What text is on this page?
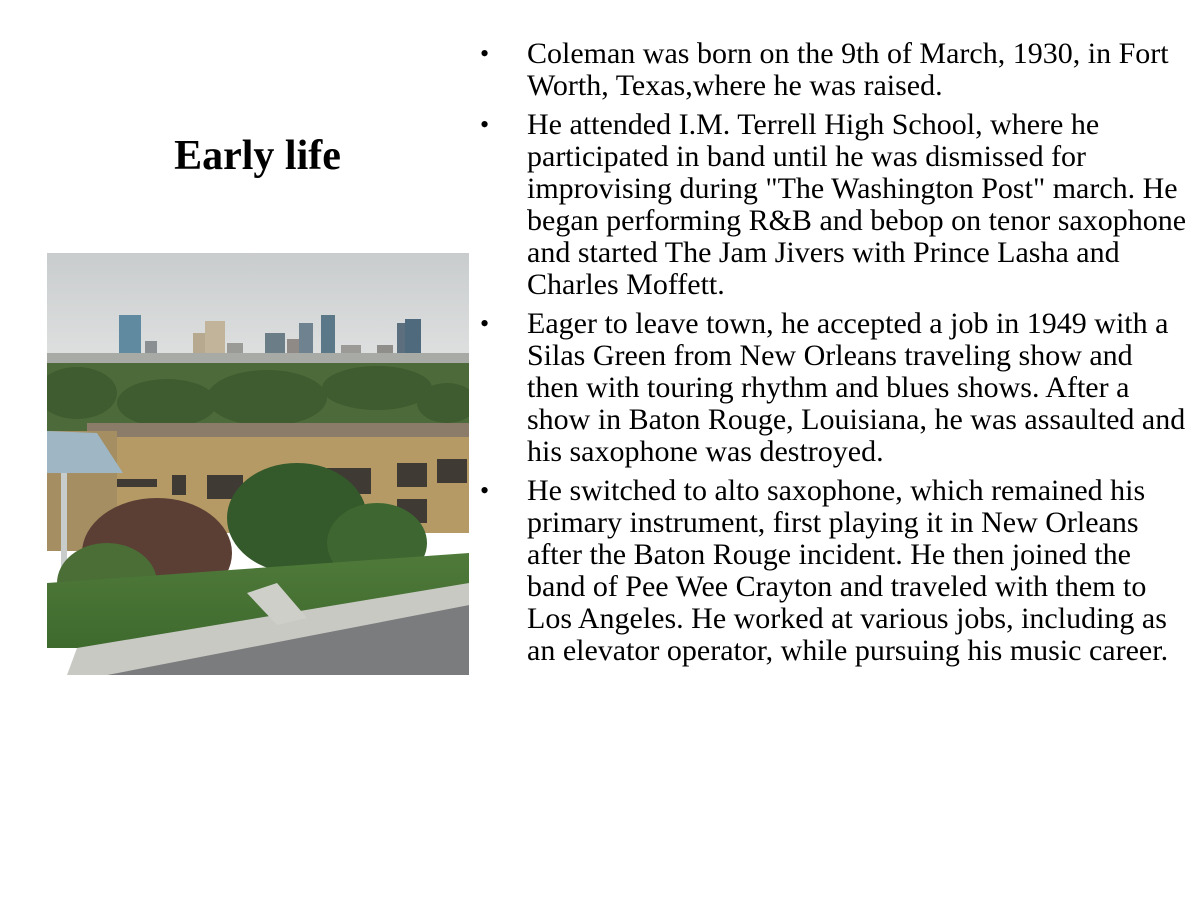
Early life
• Coleman was born on the 9th of March, 1930, in Fort Worth, Texas,where he was raised.
• He attended I.M. Terrell High School, where he participated in band until he was dismissed for improvising during "The Washington Post" march. He began performing R&B and bebop on tenor saxophone and started The Jam Jivers with Prince Lasha and Charles Moffett.
• Eager to leave town, he accepted a job in 1949 with a Silas Green from New Orleans traveling show and then with touring rhythm and blues shows. After a show in Baton Rouge, Louisiana, he was assaulted and his saxophone was destroyed.
• He switched to alto saxophone, which remained his primary instrument, first playing it in New Orleans after the Baton Rouge incident. He then joined the band of Pee Wee Crayton and traveled with them to Los Angeles. He worked at various jobs, including as an elevator operator, while pursuing his music career.
